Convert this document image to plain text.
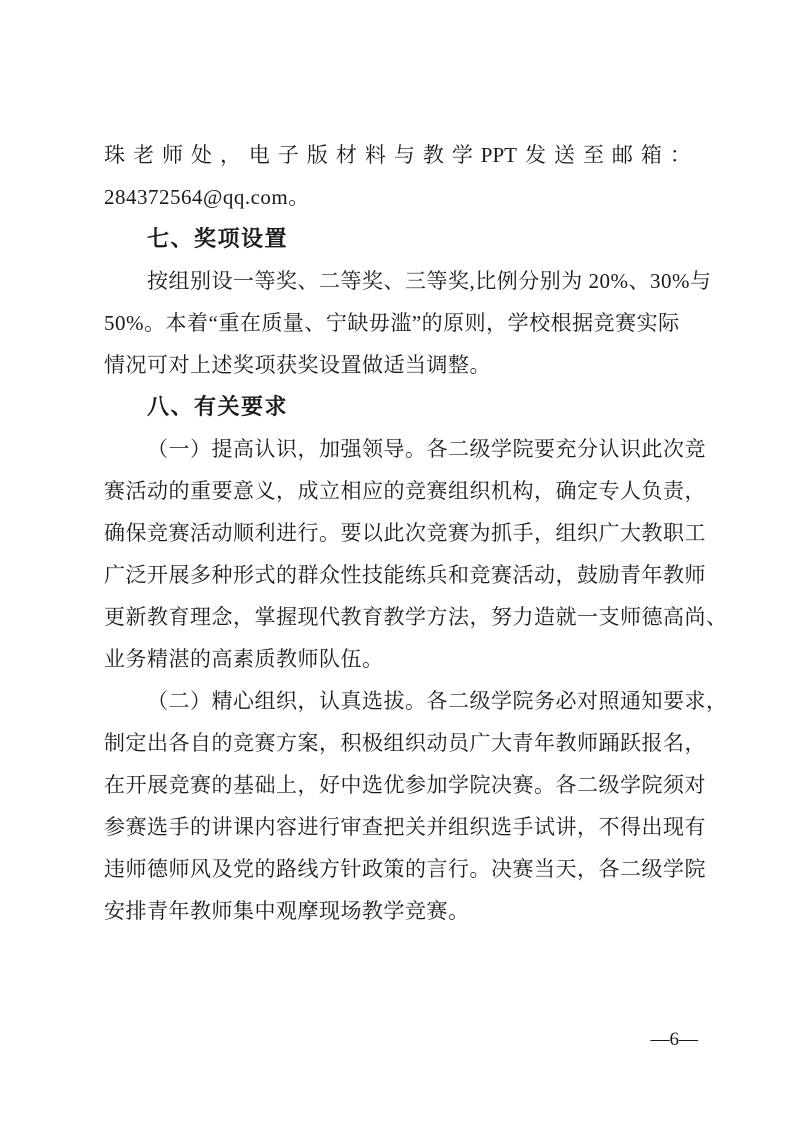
珠 老 师 处 ， 电 子 版 材 料 与 教 学 PPT 发 送 至 邮 箱 ：
284372564@qq.com。
七、奖项设置
按组别设一等奖、二等奖、三等奖,比例分别为 20%、30%与
50%。本着“重在质量、宁缺毋滥”的原则，学校根据竞赛实际
情况可对上述奖项获奖设置做适当调整。
八、有关要求
（一）提高认识，加强领导。各二级学院要充分认识此次竞
赛活动的重要意义，成立相应的竞赛组织机构，确定专人负责，
确保竞赛活动顺利进行。要以此次竞赛为抓手，组织广大教职工
广泛开展多种形式的群众性技能练兵和竞赛活动，鼓励青年教师
更新教育理念，掌握现代教育教学方法，努力造就一支师德高尚、
业务精湛的高素质教师队伍。
（二）精心组织，认真选拔。各二级学院务必对照通知要求，
制定出各自的竞赛方案，积极组织动员广大青年教师踊跃报名，
在开展竞赛的基础上，好中选优参加学院决赛。各二级学院须对
参赛选手的讲课内容进行审查把关并组织选手试讲，不得出现有
违师德师风及党的路线方针政策的言行。决赛当天，各二级学院
安排青年教师集中观摩现场教学竞赛。
—6—
